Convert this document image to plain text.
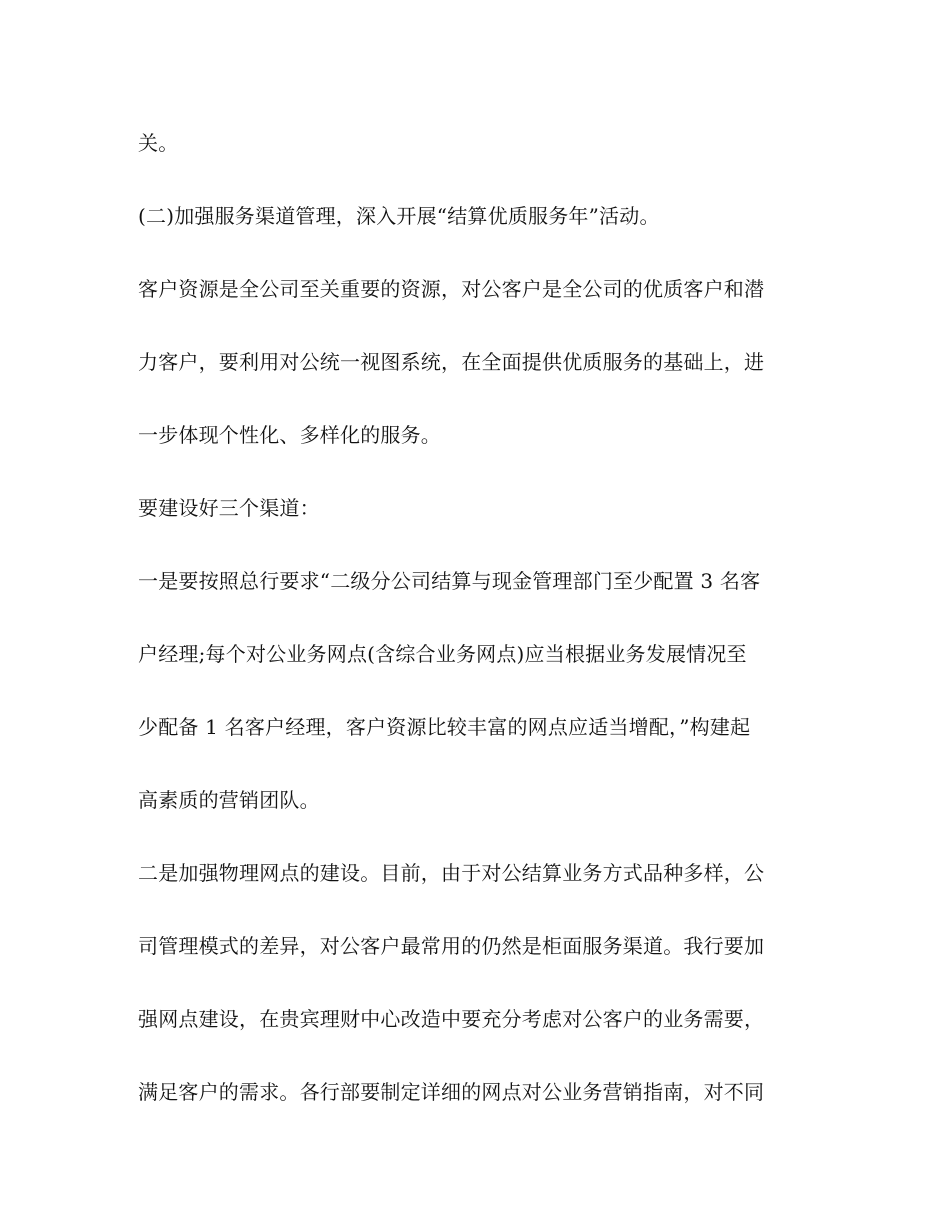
关。
(二)加强服务渠道管理，深入开展“结算优质服务年”活动。
客户资源是全公司至关重要的资源，对公客户是全公司的优质客户和潜
力客户，要利用对公统一视图系统，在全面提供优质服务的基础上，进
一步体现个性化、多样化的服务。
要建设好三个渠道：
一是要按照总行要求“二级分公司结算与现金管理部门至少配置 3 名客
户经理;每个对公业务网点(含综合业务网点)应当根据业务发展情况至
少配备 1 名客户经理，客户资源比较丰富的网点应适当增配，”构建起
高素质的营销团队。
二是加强物理网点的建设。目前，由于对公结算业务方式品种多样，公
司管理模式的差异，对公客户最常用的仍然是柜面服务渠道。我行要加
强网点建设，在贵宾理财中心改造中要充分考虑对公客户的业务需要，
满足客户的需求。各行部要制定详细的网点对公业务营销指南，对不同
